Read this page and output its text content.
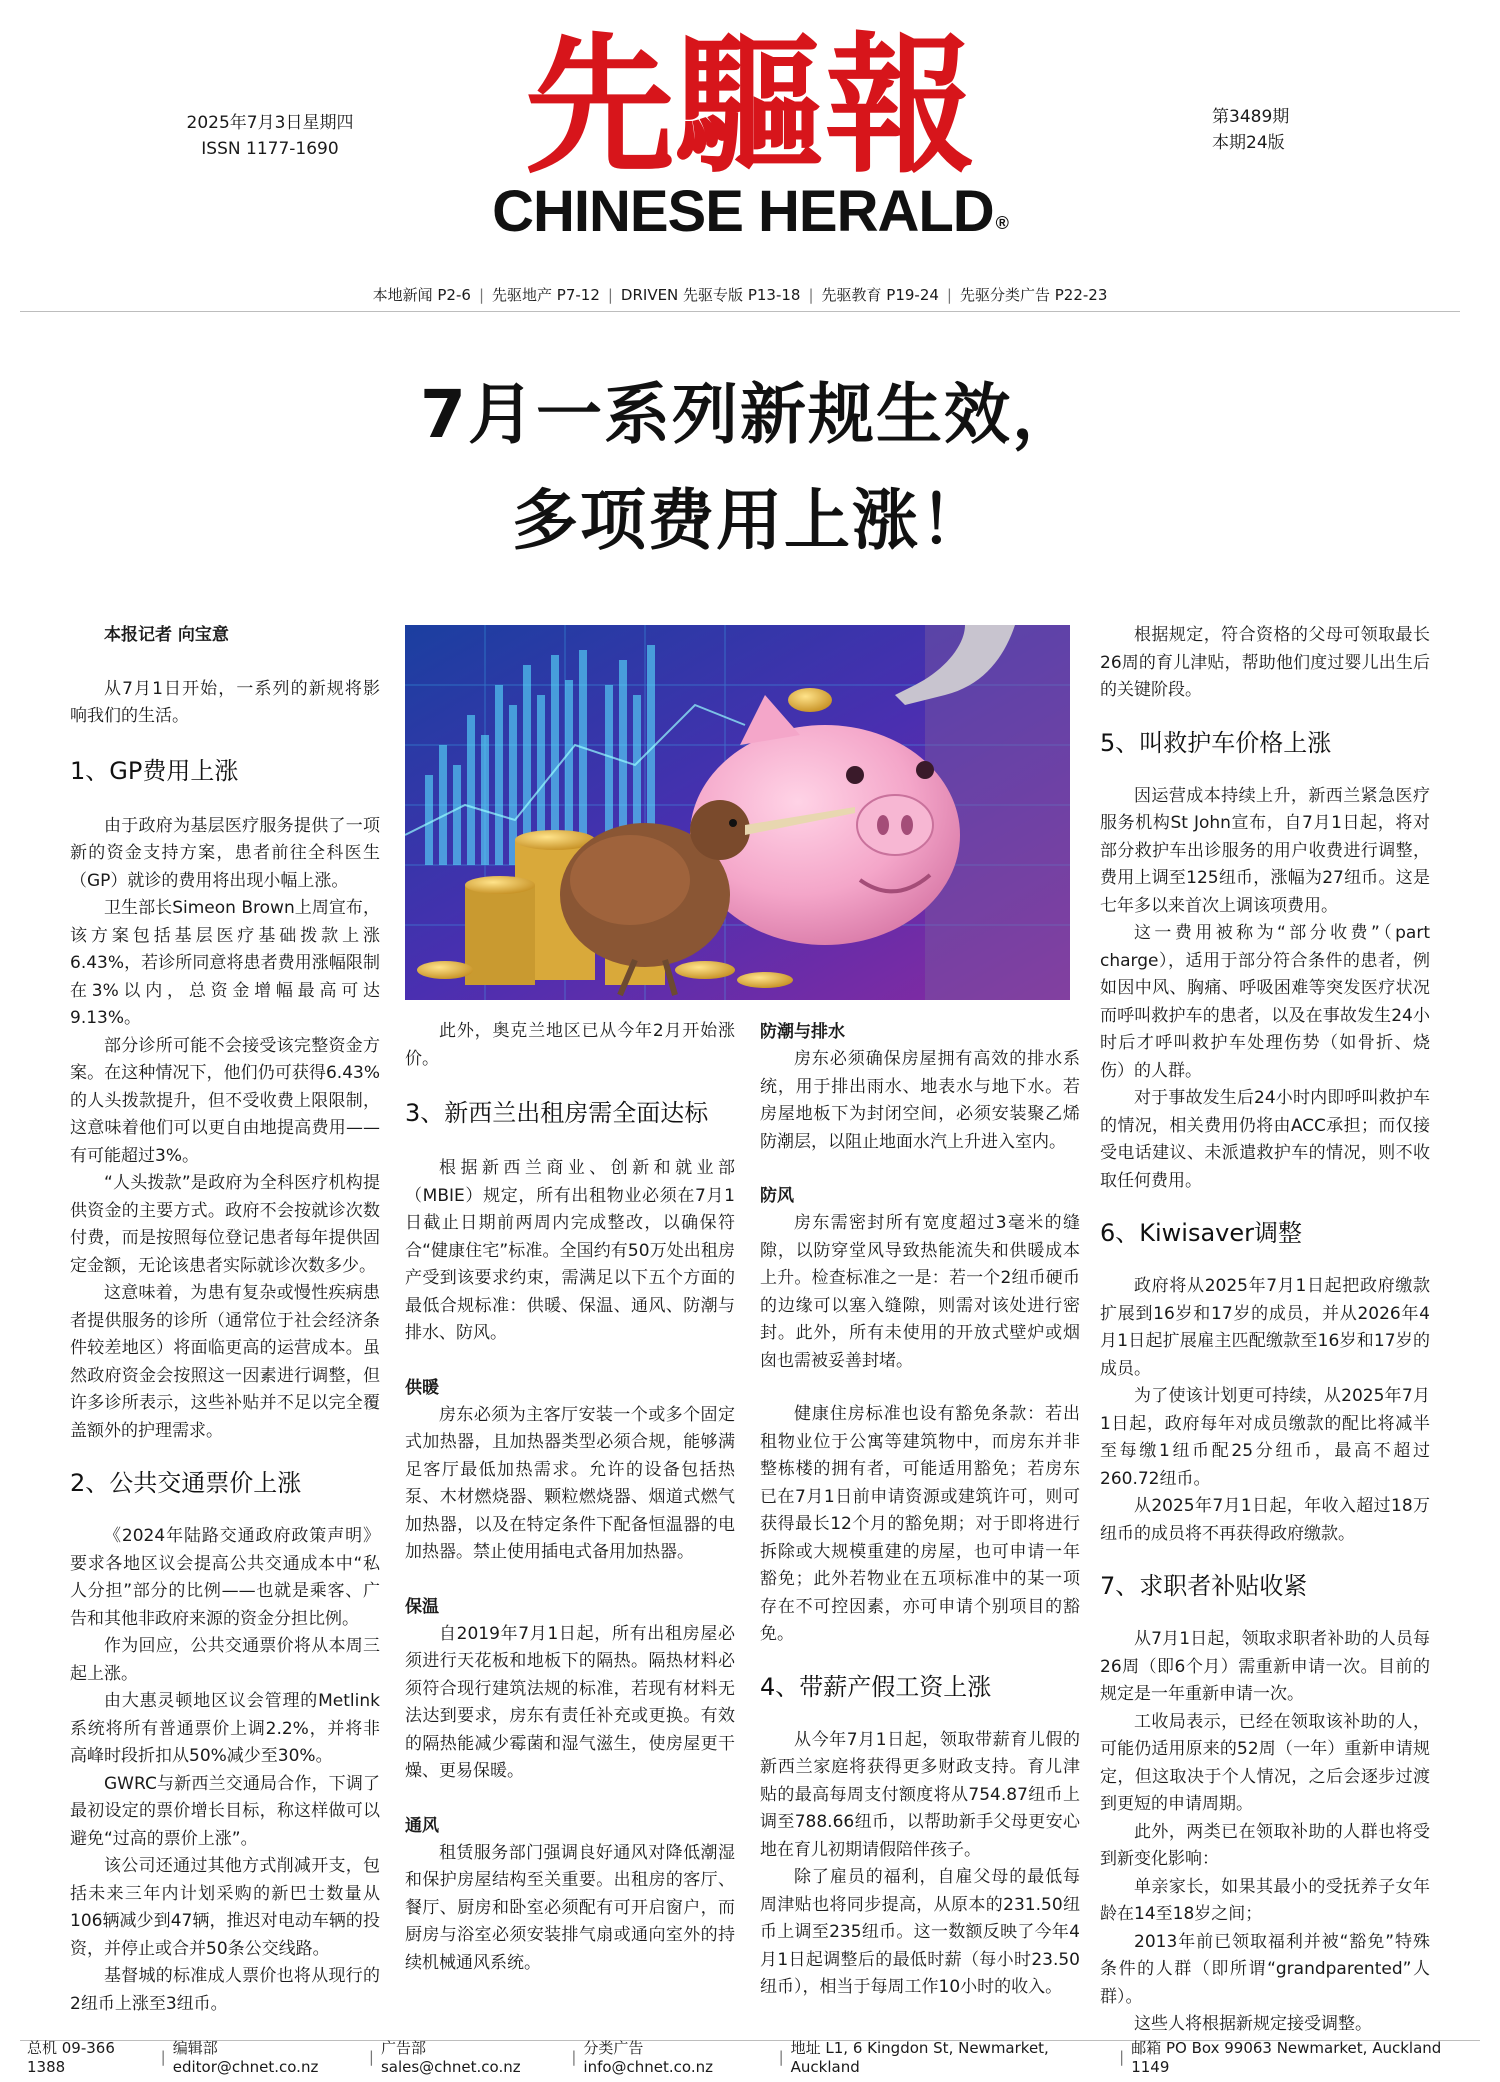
2025年7月3日星期四
ISSN 1177-1690 先驅報	第3489期
本期24版
CHINESE HERALD ®
本地新闻 P2-6 | 先驱地产 P7-12 | DRIVEN 先驱专版 P13-18 | 先驱教育 P19-24 | 先驱分类广告 P22-23
7月一系列新规生效，
多项费用上涨！

本报记者 向宝意

从7月1日开始，一系列的新规将影响我们的生活。

1、GP费用上涨

由于政府为基层医疗服务提供了一项新的资金支持方案，患者前往全科医生（GP）就诊的费用将出现小幅上涨。

卫生部长Simeon Brown上周宣布，该方案包括基层医疗基础拨款上涨6.43%，若诊所同意将患者费用涨幅限制在3%以内，总资金增幅最高可达9.13%。

部分诊所可能不会接受该完整资金方案。在这种情况下，他们仍可获得6.43%的人头拨款提升，但不受收费上限限制，这意味着他们可以更自由地提高费用——有可能超过3%。

“人头拨款”是政府为全科医疗机构提供资金的主要方式。政府不会按就诊次数付费，而是按照每位登记患者每年提供固定金额，无论该患者实际就诊次数多少。

这意味着，为患有复杂或慢性疾病患者提供服务的诊所（通常位于社会经济条件较差地区）将面临更高的运营成本。虽然政府资金会按照这一因素进行调整，但许多诊所表示，这些补贴并不足以完全覆盖额外的护理需求。

2、公共交通票价上涨

《2024年陆路交通政府政策声明》要求各地区议会提高公共交通成本中“私人分担”部分的比例——也就是乘客、广告和其他非政府来源的资金分担比例。

作为回应，公共交通票价将从本周三起上涨。

由大惠灵顿地区议会管理的Metlink系统将所有普通票价上调2.2%，并将非高峰时段折扣从50%减少至30%。

GWRC与新西兰交通局合作，下调了最初设定的票价增长目标，称这样做可以避免“过高的票价上涨”。

该公司还通过其他方式削减开支，包括未来三年内计划采购的新巴士数量从106辆减少到47辆，推迟对电动车辆的投资，并停止或合并50条公交线路。

基督城的标准成人票价也将从现行的2纽币上涨至3纽币。

此外，奥克兰地区已从今年2月开始涨价。

3、新西兰出租房需全面达标

根据新西兰商业、创新和就业部（MBIE）规定，所有出租物业必须在7月1日截止日期前两周内完成整改，以确保符合“健康住宅”标准。全国约有50万处出租房产受到该要求约束，需满足以下五个方面的最低合规标准：供暖、保温、通风、防潮与排水、防风。

供暖

房东必须为主客厅安装一个或多个固定式加热器，且加热器类型必须合规，能够满足客厅最低加热需求。允许的设备包括热泵、木材燃烧器、颗粒燃烧器、烟道式燃气加热器，以及在特定条件下配备恒温器的电加热器。禁止使用插电式备用加热器。

保温

自2019年7月1日起，所有出租房屋必须进行天花板和地板下的隔热。隔热材料必须符合现行建筑法规的标准，若现有材料无法达到要求，房东有责任补充或更换。有效的隔热能减少霉菌和湿气滋生，使房屋更干燥、更易保暖。

通风

租赁服务部门强调良好通风对降低潮湿和保护房屋结构至关重要。出租房的客厅、餐厅、厨房和卧室必须配有可开启窗户，而厨房与浴室必须安装排气扇或通向室外的持续机械通风系统。

防潮与排水

房东必须确保房屋拥有高效的排水系统，用于排出雨水、地表水与地下水。若房屋地板下为封闭空间，必须安装聚乙烯防潮层，以阻止地面水汽上升进入室内。

防风

房东需密封所有宽度超过3毫米的缝隙，以防穿堂风导致热能流失和供暖成本上升。检查标准之一是：若一个2纽币硬币的边缘可以塞入缝隙，则需对该处进行密封。此外，所有未使用的开放式壁炉或烟囱也需被妥善封堵。

健康住房标准也设有豁免条款：若出租物业位于公寓等建筑物中，而房东并非整栋楼的拥有者，可能适用豁免；若房东已在7月1日前申请资源或建筑许可，则可获得最长12个月的豁免期；对于即将进行拆除或大规模重建的房屋，也可申请一年豁免；此外若物业在五项标准中的某一项存在不可控因素，亦可申请个别项目的豁免。

4、带薪产假工资上涨

从今年7月1日起，领取带薪育儿假的新西兰家庭将获得更多财政支持。育儿津贴的最高每周支付额度将从754.87纽币上调至788.66纽币，以帮助新手父母更安心地在育儿初期请假陪伴孩子。

除了雇员的福利，自雇父母的最低每周津贴也将同步提高，从原本的231.50纽币上调至235纽币。这一数额反映了今年4月1日起调整后的最低时薪（每小时23.50纽币），相当于每周工作10小时的收入。

根据规定，符合资格的父母可领取最长26周的育儿津贴，帮助他们度过婴儿出生后的关键阶段。

5、叫救护车价格上涨

因运营成本持续上升，新西兰紧急医疗服务机构St John宣布，自7月1日起，将对部分救护车出诊服务的用户收费进行调整，费用上调至125纽币，涨幅为27纽币。这是七年多以来首次上调该项费用。

这一费用被称为“部分收费”（part charge），适用于部分符合条件的患者，例如因中风、胸痛、呼吸困难等突发医疗状况而呼叫救护车的患者，以及在事故发生24小时后才呼叫救护车处理伤势（如骨折、烧伤）的人群。

对于事故发生后24小时内即呼叫救护车的情况，相关费用仍将由ACC承担；而仅接受电话建议、未派遣救护车的情况，则不收取任何费用。

6、Kiwisaver调整

政府将从2025年7月1日起把政府缴款扩展到16岁和17岁的成员，并从2026年4月1日起扩展雇主匹配缴款至16岁和17岁的成员。

为了使该计划更可持续，从2025年7月1日起，政府每年对成员缴款的配比将减半至每缴1纽币配25分纽币，最高不超过260.72纽币。

从2025年7月1日起，年收入超过18万纽币的成员将不再获得政府缴款。

7、求职者补贴收紧

从7月1日起，领取求职者补助的人员每26周（即6个月）需重新申请一次。目前的规定是一年重新申请一次。

工收局表示，已经在领取该补助的人，可能仍适用原来的52周（一年）重新申请规定，但这取决于个人情况，之后会逐步过渡到更短的申请周期。

此外，两类已在领取补助的人群也将受到新变化影响：

单亲家长，如果其最小的受抚养子女年龄在14至18岁之间；

2013年前已领取福利并被“豁免”特殊条件的人群（即所谓“grandparented”人群）。

这些人将根据新规定接受调整。

总机 09-366 1388
| 编辑部 editor@chnet.co.nz
| 广告部 sales@chnet.co.nz
| 分类广告 info@chnet.co.nz
| 地址 L1, 6 Kingdon St, Newmarket, Auckland
| 邮箱 PO Box 99063 Newmarket, Auckland 1149
